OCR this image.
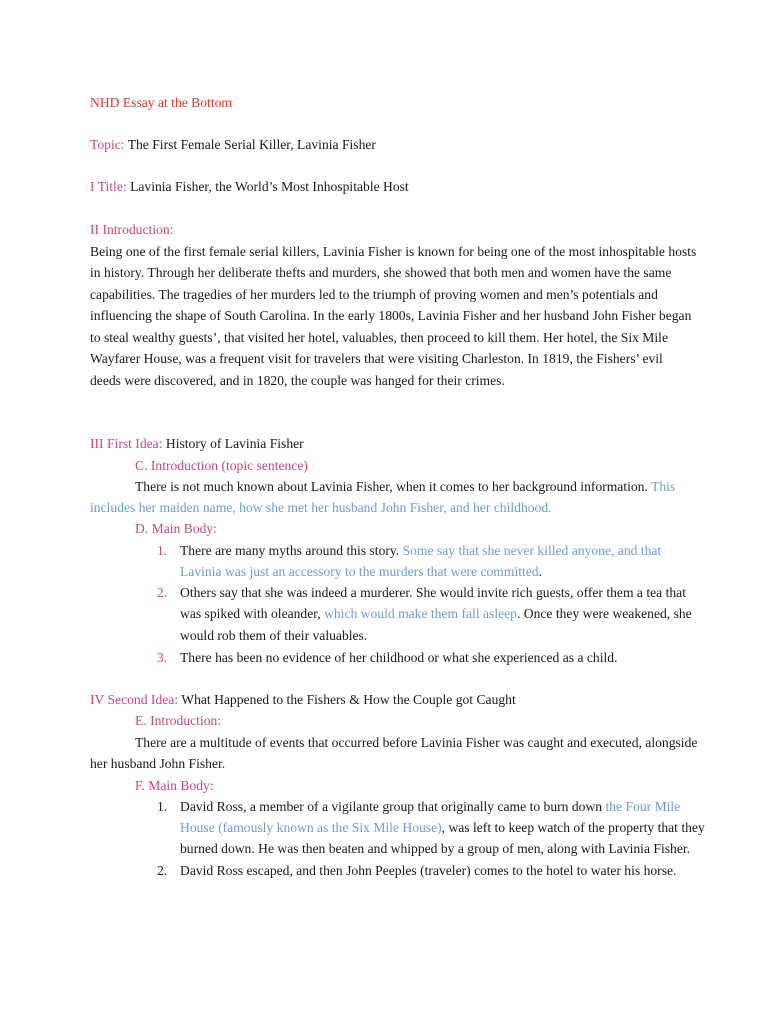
NHD Essay at the Bottom
Topic: The First Female Serial Killer, Lavinia Fisher
I Title: Lavinia Fisher, the World’s Most Inhospitable Host
II Introduction:
Being one of the first female serial killers, Lavinia Fisher is known for being one of the most inhospitable hosts
in history. Through her deliberate thefts and murders, she showed that both men and women have the same
capabilities. The tragedies of her murders led to the triumph of proving women and men’s potentials and
influencing the shape of South Carolina. In the early 1800s, Lavinia Fisher and her husband John Fisher began
to steal wealthy guests’, that visited her hotel, valuables, then proceed to kill them. Her hotel, the Six Mile
Wayfarer House, was a frequent visit for travelers that were visiting Charleston. In 1819, the Fishers’ evil
deeds were discovered, and in 1820, the couple was hanged for their crimes.
III First Idea: History of Lavinia Fisher
C. Introduction (topic sentence)
There is not much known about Lavinia Fisher, when it comes to her background information. This
includes her maiden name, how she met her husband John Fisher, and her childhood.
D. Main Body:
1. There are many myths around this story. Some say that she never killed anyone, and that
Lavinia was just an accessory to the murders that were committed.
2. Others say that she was indeed a murderer. She would invite rich guests, offer them a tea that
was spiked with oleander, which would make them fall asleep. Once they were weakened, she
would rob them of their valuables.
3. There has been no evidence of her childhood or what she experienced as a child.
IV Second Idea: What Happened to the Fishers & How the Couple got Caught
E. Introduction:
There are a multitude of events that occurred before Lavinia Fisher was caught and executed, alongside
her husband John Fisher.
F. Main Body:
1. David Ross, a member of a vigilante group that originally came to burn down the Four Mile
House (famously known as the Six Mile House), was left to keep watch of the property that they
burned down. He was then beaten and whipped by a group of men, along with Lavinia Fisher.
2. David Ross escaped, and then John Peeples (traveler) comes to the hotel to water his horse.
